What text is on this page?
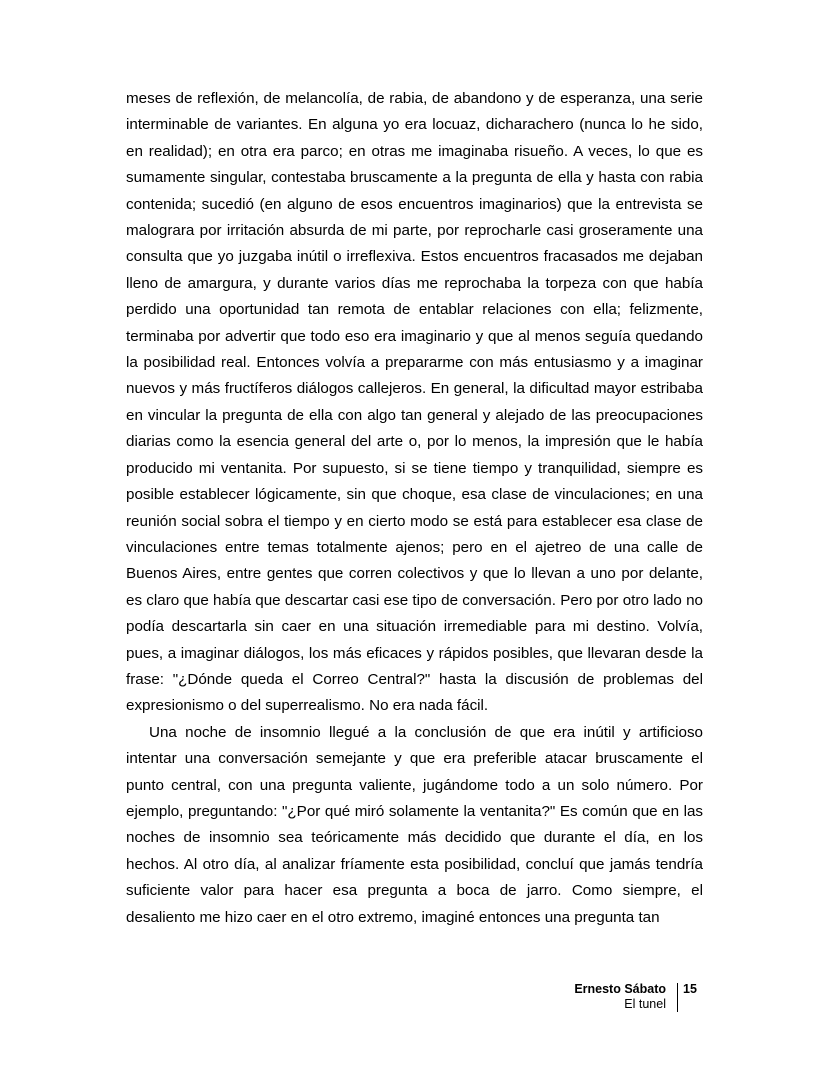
meses de reflexión, de melancolía, de rabia, de abandono y de esperanza, una serie interminable de variantes. En alguna yo era locuaz, dicharachero (nunca lo he sido, en realidad); en otra era parco; en otras me imaginaba risueño. A veces, lo que es sumamente singular, contestaba bruscamente a la pregunta de ella y hasta con rabia contenida; sucedió (en alguno de esos encuentros imaginarios) que la entrevista se malograra por irritación absurda de mi parte, por reprocharle casi groseramente una consulta que yo juzgaba inútil o irreflexiva. Estos encuentros fracasados me dejaban lleno de amargura, y durante varios días me reprochaba la torpeza con que había perdido una oportunidad tan remota de entablar relaciones con ella; felizmente, terminaba por advertir que todo eso era imaginario y que al menos seguía quedando la posibilidad real. Entonces volvía a prepararme con más entusiasmo y a imaginar nuevos y más fructíferos diálogos callejeros. En general, la dificultad mayor estribaba en vincular la pregunta de ella con algo tan general y alejado de las preocupaciones diarias como la esencia general del arte o, por lo menos, la impresión que le había producido mi ventanita. Por supuesto, si se tiene tiempo y tranquilidad, siempre es posible establecer lógicamente, sin que choque, esa clase de vinculaciones; en una reunión social sobra el tiempo y en cierto modo se está para establecer esa clase de vinculaciones entre temas totalmente ajenos; pero en el ajetreo de una calle de Buenos Aires, entre gentes que corren colectivos y que lo llevan a uno por delante, es claro que había que descartar casi ese tipo de conversación. Pero por otro lado no podía descartarla sin caer en una situación irremediable para mi destino. Volvía, pues, a imaginar diálogos, los más eficaces y rápidos posibles, que llevaran desde la frase: "¿Dónde queda el Correo Central?" hasta la discusión de problemas del expresionismo o del superrealismo. No era nada fácil.

Una noche de insomnio llegué a la conclusión de que era inútil y artificioso intentar una conversación semejante y que era preferible atacar bruscamente el punto central, con una pregunta valiente, jugándome todo a un solo número. Por ejemplo, preguntando: "¿Por qué miró solamente la ventanita?" Es común que en las noches de insomnio sea teóricamente más decidido que durante el día, en los hechos. Al otro día, al analizar fríamente esta posibilidad, concluí que jamás tendría suficiente valor para hacer esa pregunta a boca de jarro. Como siempre, el desaliento me hizo caer en el otro extremo, imaginé entonces una pregunta tan

Ernesto Sábato
El tunel
15
